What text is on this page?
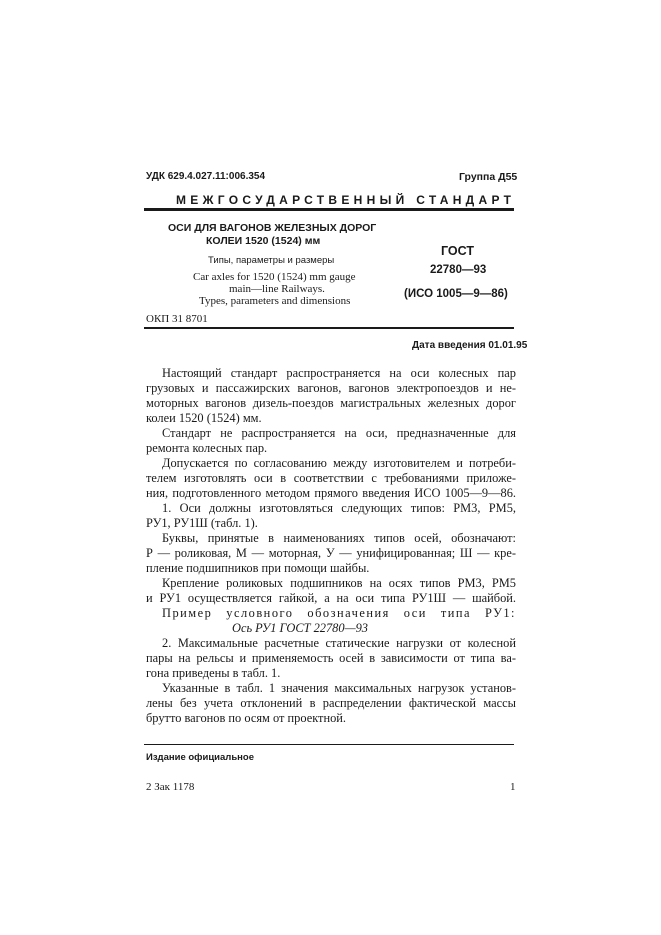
УДК 629.4.027.11:006.354	Группа Д55
МЕЖГОСУДАРСТВЕННЫЙ СТАНДАРТ
ОСИ ДЛЯ ВАГОНОВ ЖЕЛЕЗНЫХ ДОРОГ
КОЛЕИ 1520 (1524) мм
Типы, параметры и размеры
Car axles for 1520 (1524) mm gauge
main—line Railways.
Types, parameters and dimensions
ГОСТ
22780—93
(ИСО 1005—9—86)
ОКП 31 8701
Дата введения 01.01.95
Настоящий стандарт распространяется на оси колесных пар
грузовых и пассажирских вагонов, вагонов электропоездов и не-
моторных вагонов дизель-поездов магистральных железных дорог
колеи 1520 (1524) мм.
Стандарт не распространяется на оси, предназначенные для
ремонта колесных пар.
Допускается по согласованию между изготовителем и потреби-
телем изготовлять оси в соответствии с требованиями приложе-
ния, подготовленного методом прямого введения ИСО 1005—9—86.
1. Оси должны изготовляться следующих типов: РМ3, РМ5,
РУ1, РУ1Ш (табл. 1).
Буквы, принятые в наименованиях типов осей, обозначают:
Р — роликовая, М — моторная, У — унифицированная; Ш — кре-
пление подшипников при помощи шайбы.
Крепление роликовых подшипников на осях типов РМ3, РМ5
и РУ1 осуществляется гайкой, а на оси типа РУ1Ш — шайбой.
Пример условного обозначения оси типа РУ1:
Ось РУ1 ГОСТ 22780—93
2. Максимальные расчетные статические нагрузки от колесной
пары на рельсы и применяемость осей в зависимости от типа ва-
гона приведены в табл. 1.
Указанные в табл. 1 значения максимальных нагрузок установ-
лены без учета отклонений в распределении фактической массы
брутто вагонов по осям от проектной.
Издание официальное
2 Зак 1178	1
